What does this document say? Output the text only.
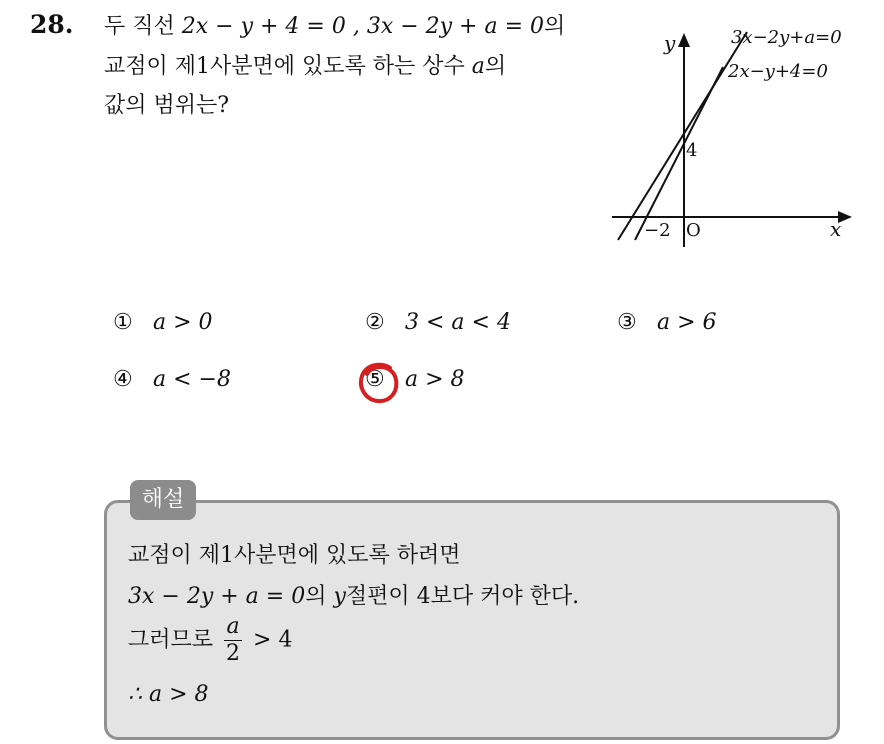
28. 두 직선 2x − y + 4 = 0 , 3x − 2y + a = 0의
교점이 제1사분면에 있도록 하는 상수 a의
값의 범위는?
y
x
O
4
−2
3x−2y+a=0
2x−y+4=0
① a > 0	② 3 < a < 4	③ a > 6
④ a < −8	⑤ a > 8
해설
교점이 제1사분면에 있도록 하려면
3x − 2y + a = 0의 y절편이 4보다 커야 한다.
그러므로 $\frac{a}{2} > 4$
∴ a > 8
